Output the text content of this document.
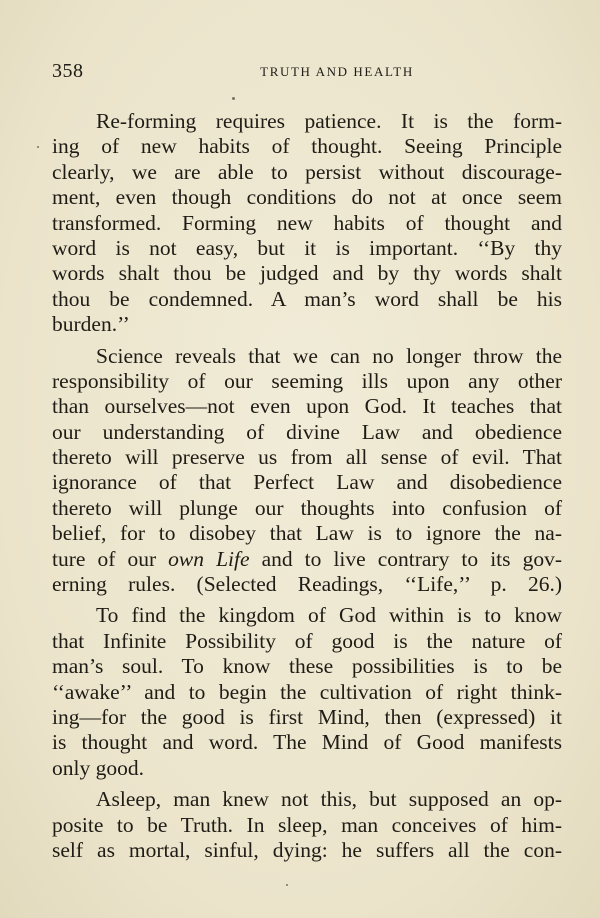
358	TRUTH AND HEALTH
Re-forming requires patience. It is the form-
ing of new habits of thought. Seeing Principle
clearly, we are able to persist without discourage-
ment, even though conditions do not at once seem
transformed. Forming new habits of thought and
word is not easy, but it is important. ‘‘By thy
words shalt thou be judged and by thy words shalt
thou be condemned. A man’s word shall be his
burden.’’
Science reveals that we can no longer throw the
responsibility of our seeming ills upon any other
than ourselves—not even upon God. It teaches that
our understanding of divine Law and obedience
thereto will preserve us from all sense of evil. That
ignorance of that Perfect Law and disobedience
thereto will plunge our thoughts into confusion of
belief, for to disobey that Law is to ignore the na-
ture of our own Life and to live contrary to its gov-
erning rules. (Selected Readings, ‘‘Life,’’ p. 26.)
To find the kingdom of God within is to know
that Infinite Possibility of good is the nature of
man’s soul. To know these possibilities is to be
‘‘awake’’ and to begin the cultivation of right think-
ing—for the good is first Mind, then (expressed) it
is thought and word. The Mind of Good manifests
only good.
Asleep, man knew not this, but supposed an op-
posite to be Truth. In sleep, man conceives of him-
self as mortal, sinful, dying: he suffers all the con-
